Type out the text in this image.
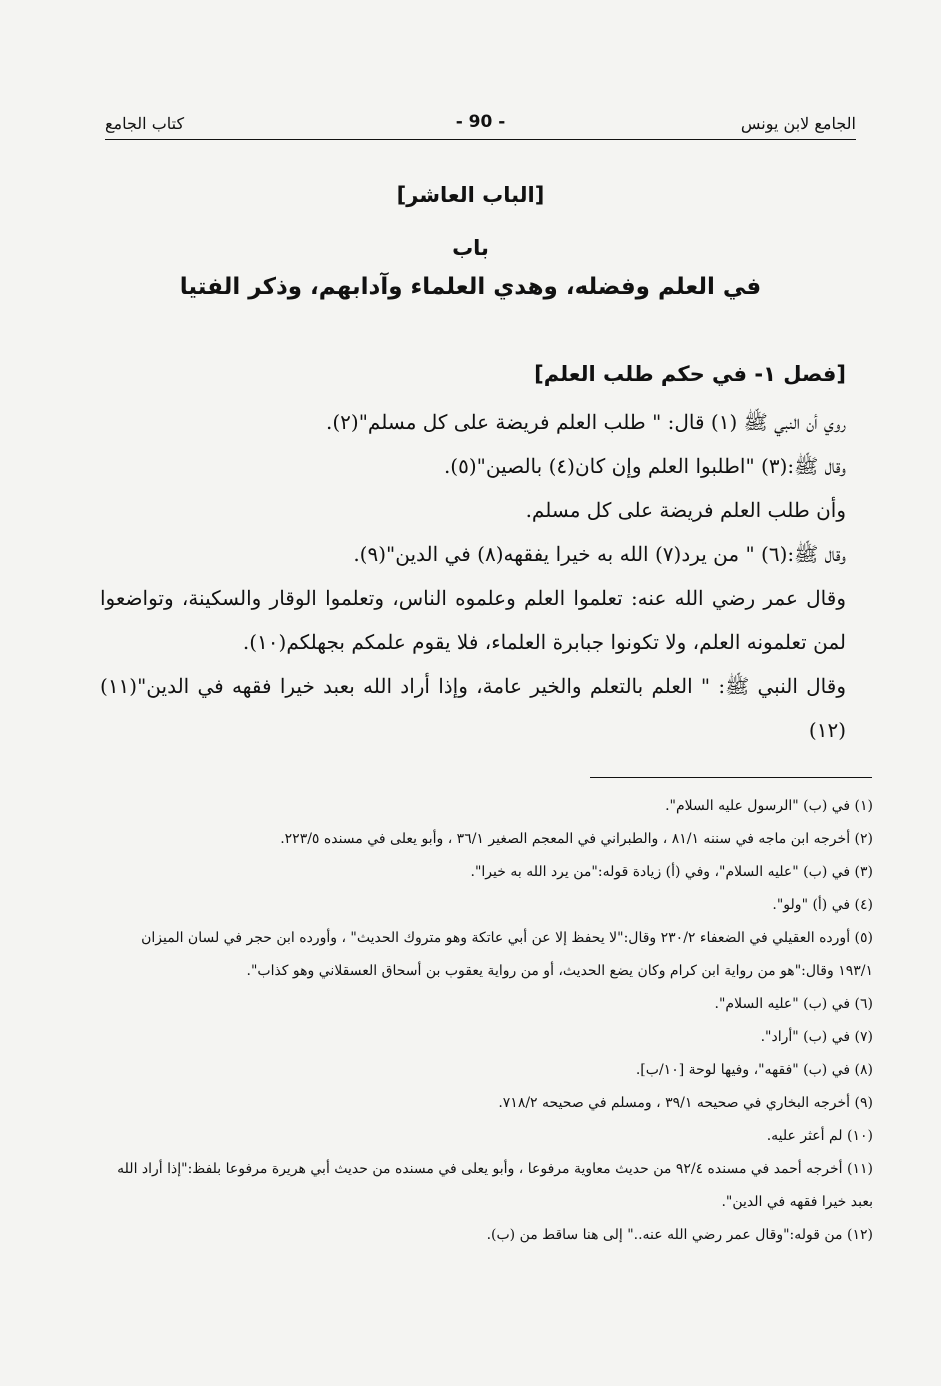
الجامع لابن يونس
- 90 -
كتاب الجامع
[الباب العاشر]
باب
في العلم وفضله، وهدي العلماء وآدابهم، وذكر الفتيا
[فصل ١- في حكم طلب العلم]

روي أن النبي ﷺ (١) قال: " طلب العلم فريضة على كل مسلم"(٢).

وقال ﷺ:(٣) "اطلبوا العلم وإن كان(٤) بالصين"(٥).

وأن طلب العلم فريضة على كل مسلم.

وقال ﷺ:(٦) " من يرد(٧) الله به خيرا يفقهه(٨) في الدين"(٩).

وقال عمر رضي الله عنه: تعلموا العلم وعلموه الناس، وتعلموا الوقار والسكينة، وتواضعوا لمن تعلمونه العلم، ولا تكونوا جبابرة العلماء، فلا يقوم علمكم بجهلكم(١٠).

وقال النبي ﷺ: " العلم بالتعلم والخير عامة، وإذا أراد الله بعبد خيرا فقهه في الدين"(١١) (١٢)

(١) في (ب) "الرسول عليه السلام".

(٢) أخرجه ابن ماجه في سننه ٨١/١ ، والطبراني في المعجم الصغير ٣٦/١ ، وأبو يعلى في مسنده ٢٢٣/٥.

(٣) في (ب) "عليه السلام"، وفي (أ) زيادة قوله:"من يرد الله به خيرا".

(٤) في (أ) "ولو".

(٥) أورده العقيلي في الضعفاء ٢٣٠/٢ وقال:"لا يحفظ إلا عن أبي عاتكة وهو متروك الحديث" ، وأورده ابن حجر في لسان الميزان ١٩٣/١ وقال:"هو من رواية ابن كرام وكان يضع الحديث، أو من رواية يعقوب بن أسحاق العسقلاني وهو كذاب".

(٦) في (ب) "عليه السلام".

(٧) في (ب) "أراد".

(٨) في (ب) "فقهه"، وفيها لوحة [١٠/ب].

(٩) أخرجه البخاري في صحيحه ٣٩/١ ، ومسلم في صحيحه ٧١٨/٢.

(١٠) لم أعثر عليه.

(١١) أخرجه أحمد في مسنده ٩٢/٤ من حديث معاوية مرفوعا ، وأبو يعلى في مسنده من حديث أبي هريرة مرفوعا بلفظ:"إذا أراد الله بعبد خيرا فقهه في الدين".

(١٢) من قوله:"وقال عمر رضي الله عنه.." إلى هنا ساقط من (ب).
